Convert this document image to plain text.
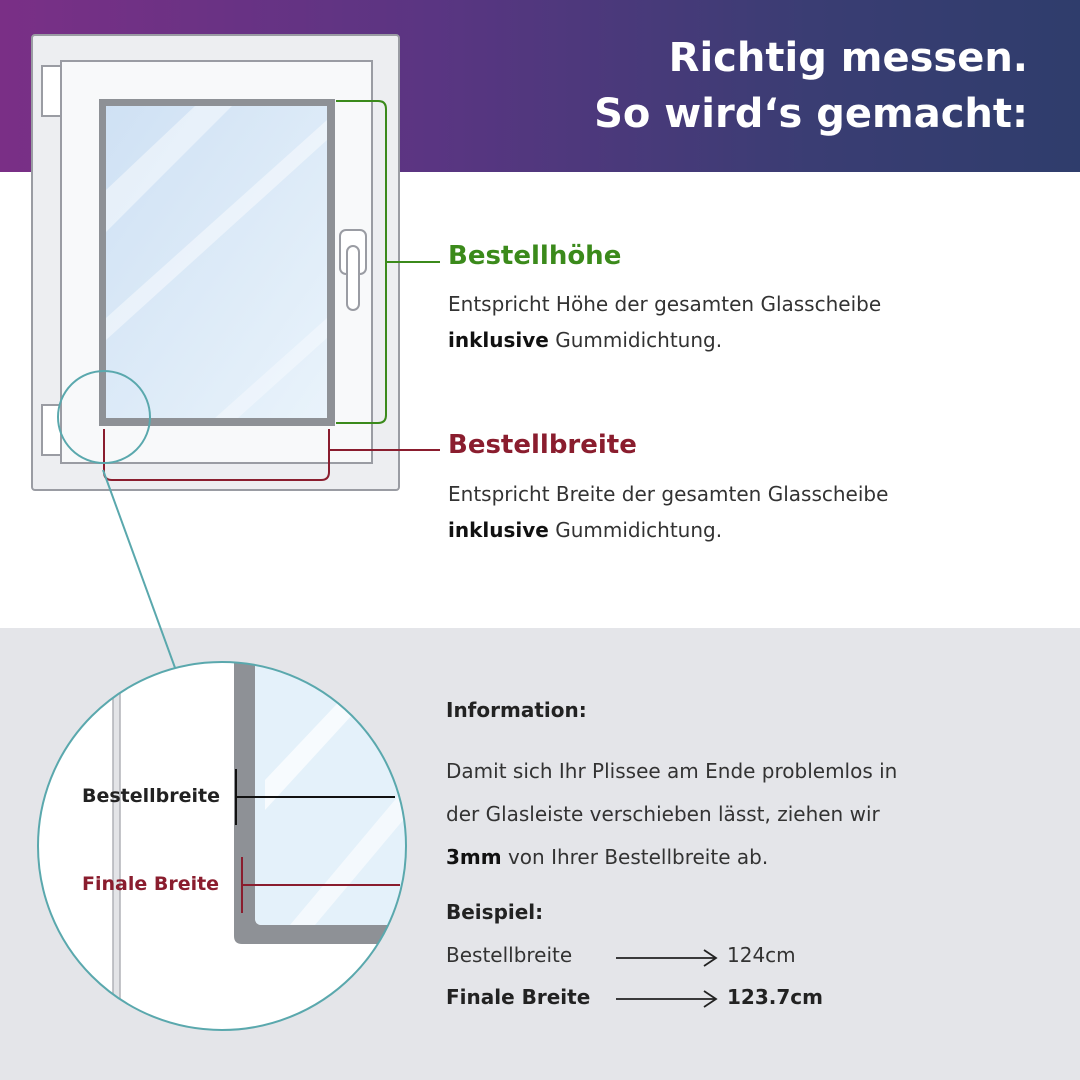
Richtig messen.
So wird‘s gemacht:
Bestellbreite
Finale Breite
Bestellhöhe
Entspricht Höhe der gesamten Glasscheibe
inklusive Gummidichtung.
Bestellbreite
Entspricht Breite der gesamten Glasscheibe
inklusive Gummidichtung.
Information:
Damit sich Ihr Plissee am Ende problemlos in
der Glasleiste verschieben lässt, ziehen wir
3mm von Ihrer Bestellbreite ab.
Beispiel:
Bestellbreite	124cm
Finale Breite	123.7cm
